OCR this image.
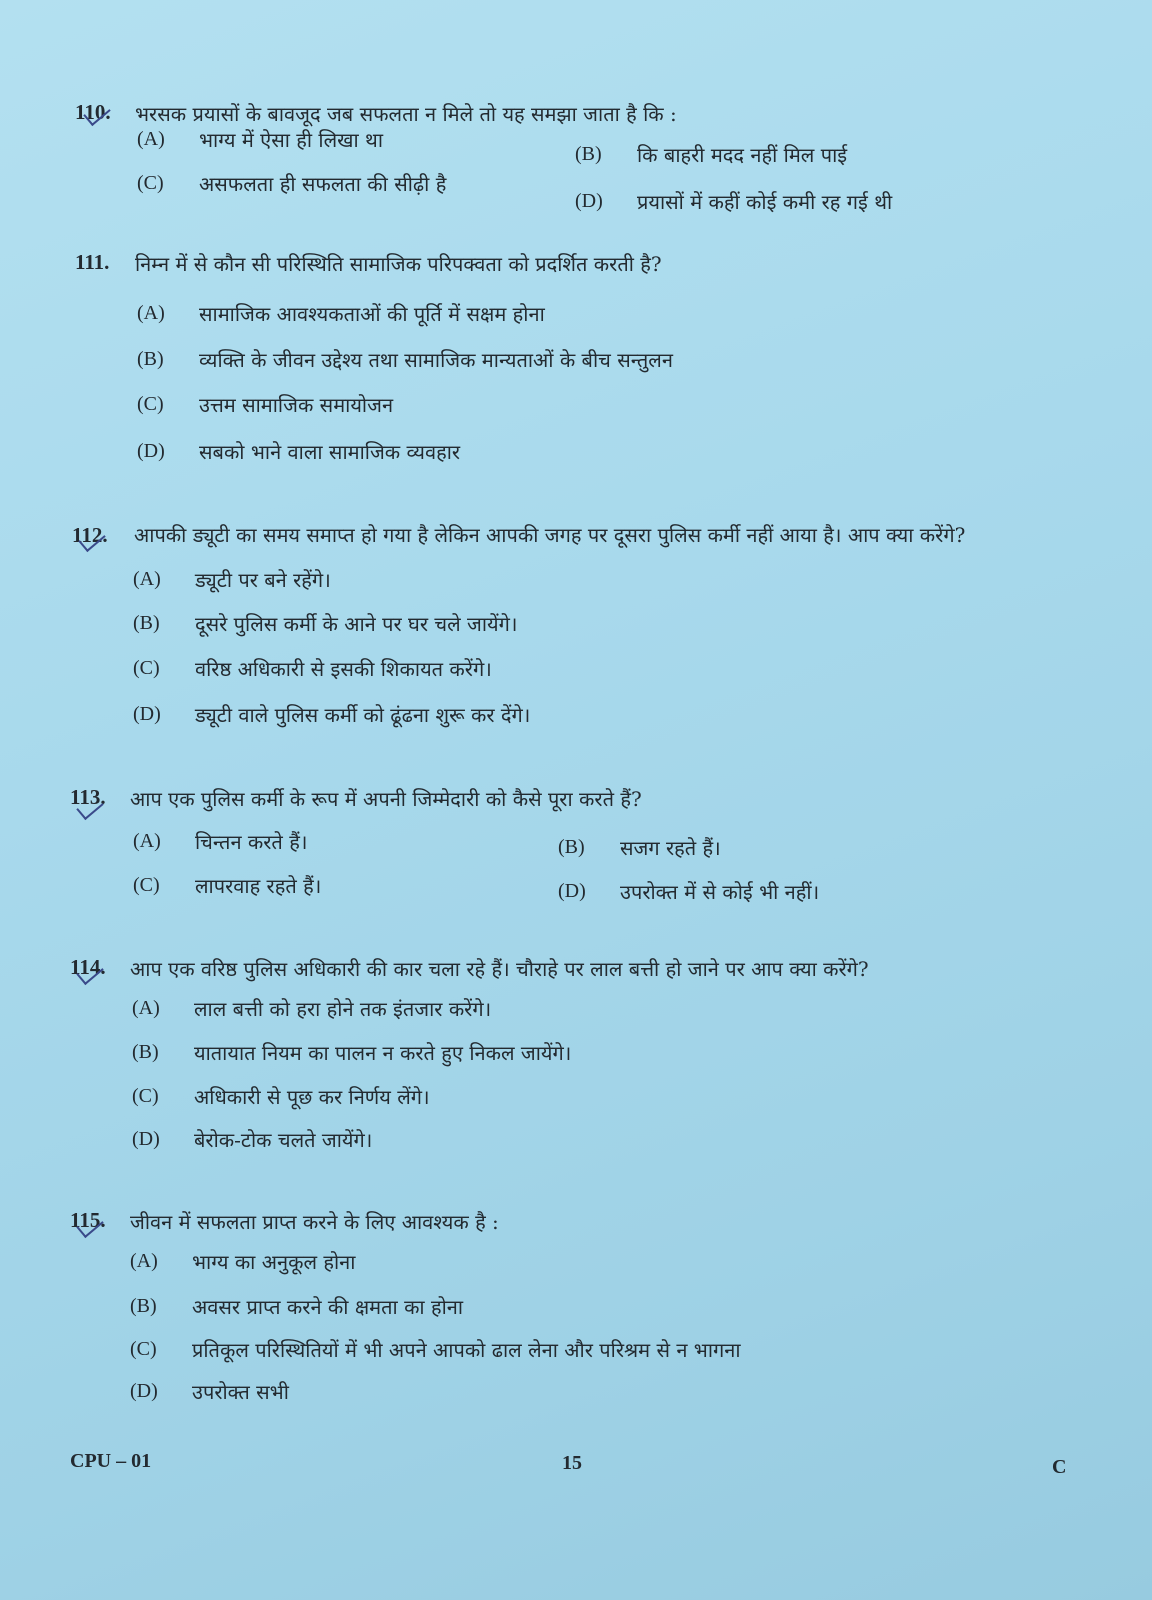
110. भरसक प्रयासों के बावजूद जब सफलता न मिले तो यह समझा जाता है कि :
(A) भाग्य में ऐसा ही लिखा था
(B) कि बाहरी मदद नहीं मिल पाई
(C) असफलता ही सफलता की सीढ़ी है
(D) प्रयासों में कहीं कोई कमी रह गई थी
111. निम्न में से कौन सी परिस्थिति सामाजिक परिपक्वता को प्रदर्शित करती है?
(A) सामाजिक आवश्यकताओं की पूर्ति में सक्षम होना
(B) व्यक्ति के जीवन उद्देश्य तथा सामाजिक मान्यताओं के बीच सन्तुलन
(C) उत्तम सामाजिक समायोजन
(D) सबको भाने वाला सामाजिक व्यवहार
112. आपकी ड्यूटी का समय समाप्त हो गया है लेकिन आपकी जगह पर दूसरा पुलिस कर्मी नहीं आया है। आप क्या करेंगे?
(A) ड्यूटी पर बने रहेंगे।
(B) दूसरे पुलिस कर्मी के आने पर घर चले जायेंगे।
(C) वरिष्ठ अधिकारी से इसकी शिकायत करेंगे।
(D) ड्यूटी वाले पुलिस कर्मी को ढूंढना शुरू कर देंगे।
113. आप एक पुलिस कर्मी के रूप में अपनी जिम्मेदारी को कैसे पूरा करते हैं?
(A) चिन्तन करते हैं।	(B) सजग रहते हैं।
(C) लापरवाह रहते हैं।	(D) उपरोक्त में से कोई भी नहीं।
114. आप एक वरिष्ठ पुलिस अधिकारी की कार चला रहे हैं। चौराहे पर लाल बत्ती हो जाने पर आप क्या करेंगे?
(A) लाल बत्ती को हरा होने तक इंतजार करेंगे।
(B) यातायात नियम का पालन न करते हुए निकल जायेंगे।
(C) अधिकारी से पूछ कर निर्णय लेंगे।
(D) बेरोक-टोक चलते जायेंगे।
115. जीवन में सफलता प्राप्त करने के लिए आवश्यक है :
(A) भाग्य का अनुकूल होना
(B) अवसर प्राप्त करने की क्षमता का होना
(C) प्रतिकूल परिस्थितियों में भी अपने आपको ढाल लेना और परिश्रम से न भागना
(D) उपरोक्त सभी
CPU – 01	15	C
